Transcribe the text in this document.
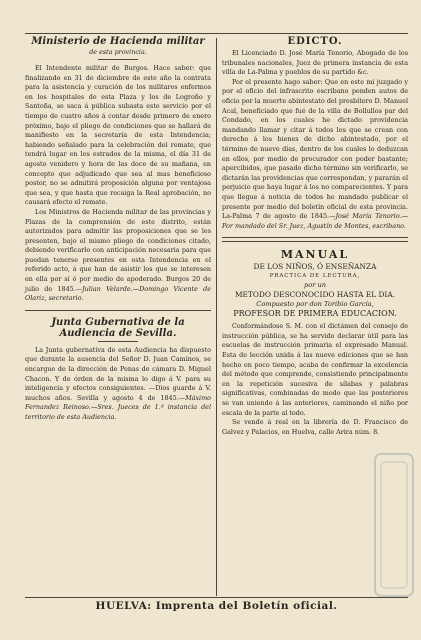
Ministerio de Hacienda militar
de esta provincia.

El Intendente militar de Burgos. Hace saber: que finalizando en 31 de diciembre de este año la contrata para la asistencia y curación de los militares enfermos en los hospitales de esta Plaza y los de Logroño y Santoña, se saca á pública subasta este servicio por el tiempo de cuatro años á contar desde primero de enero próximo, bajo el pliego de condiciones que se hallará de manifiesto en la secretaría de esta Intendencia; habiendo señalado para la celebración del remate, que tendrá lugar en los estrados de la misma, el día 31 de agosto venidero y hora de las doce de su mañana, en concepto que adjudicado que sea al mas beneficioso postor, no se admitirá proposición alguna por ventajosa que sea, y que hasta que recaiga la Real aprobación, no causará efecto el remate.

Los Ministros de Hacienda militar de las provincias y Plazas de la comprensión de este distrito, están autorizados para admitir las proposiciones que se les presenten, bajo el mismo pliego de condiciones citado, debiendo verificarlo con anticipación necesaria para que puedan tenerse presentes en esta Intendencia en el referido acto, á que han de asistir los que se interesen en ella por sí ó por medio de apoderado. Burgos 20 de julio de 1845.—Julian Velarde.—Domingo Vicente de Olariz, secretario.

Junta Gubernativa de la Audiencia de Sevilla.

La Junta gubernativa de esta Audiencia ha dispuesto que durante la ausencia del Señor D. Juan Caminos, se encargue de la dirección de Penas de cámara D. Miguel Chacon. Y de órden de la misma lo digo á V. para su inteligencia y efectos consiguientes. —Dios guarde á V. muchos años. Sevilla y agosto 4 de 1845.—Máximo Fernandez Reinoso.—Sres. Jueces de 1.ª instancia del territorio de esta Audiencia.

EDICTO.

El Licenciado D. José María Tenorio, Abogado de los tribunales nacionales, Juez de primera instancia de esta villa de La-Palma y pueblos de su partido &c.

Por el presente hago saber: Que en este mi juzgado y por el oficio del infrascrito escribano penden autos de oficio por la muerte abintestato del presbítero D. Manuel Acal, beneficiado que fué de la villa de Bollullos par del Condado, en los cuales he dictado providencia mandando llamar y citar á todos los que se crean con derecho á los bienes de dicho abintestado, por el término de nueve días, dentro de los cuales lo deduzcan en ellos, por medio de procurador con poder bastante; apercibidos, que pasado dicho término sin verificarlo, se dictarán las providencias que correspondan, y pararán el perjuicio que haya lugar á los no comparecientes. Y para que llegue á noticia de todos he mandado publicar el presente por medio del boletín oficial de esta provincia. La-Palma 7 de agosto de 1845.—José María Tenorio.—Por mandado del Sr. Juez, Agustín de Montes, escribano.

MANUAL
DE LOS NIÑOS, Ó ENSEÑANZA
PRACTICA DE LECTURA,
por un
METODO DESCONOCIDO HASTA EL DIA.
Compuesto por don Toribio García,
PROFESOR DE PRIMERA EDUCACION.

Conformándose S. M. con el dictámen del consejo de instrucción pública, se ha servido declarar útil para las escuelas de instrucción primaria el expresado Manual. Esta de lección unida á las nueve ediciones que se han hecho en poco tiempo, acaba de confirmar la excelencia del método que comprende, consistiendo principalmente en la repetición sucesiva de sílabas y palabras significativas, combinadas de modo que las posteriores se van uniendo á las anteriores, caminando el niño por escala de la parte al todo.

Se vende á real en la librería de D. Francisco de Galvez y Palacios, en Huelva, calle Arira núm. 8.

HUELVA: Imprenta del Boletín oficial.
